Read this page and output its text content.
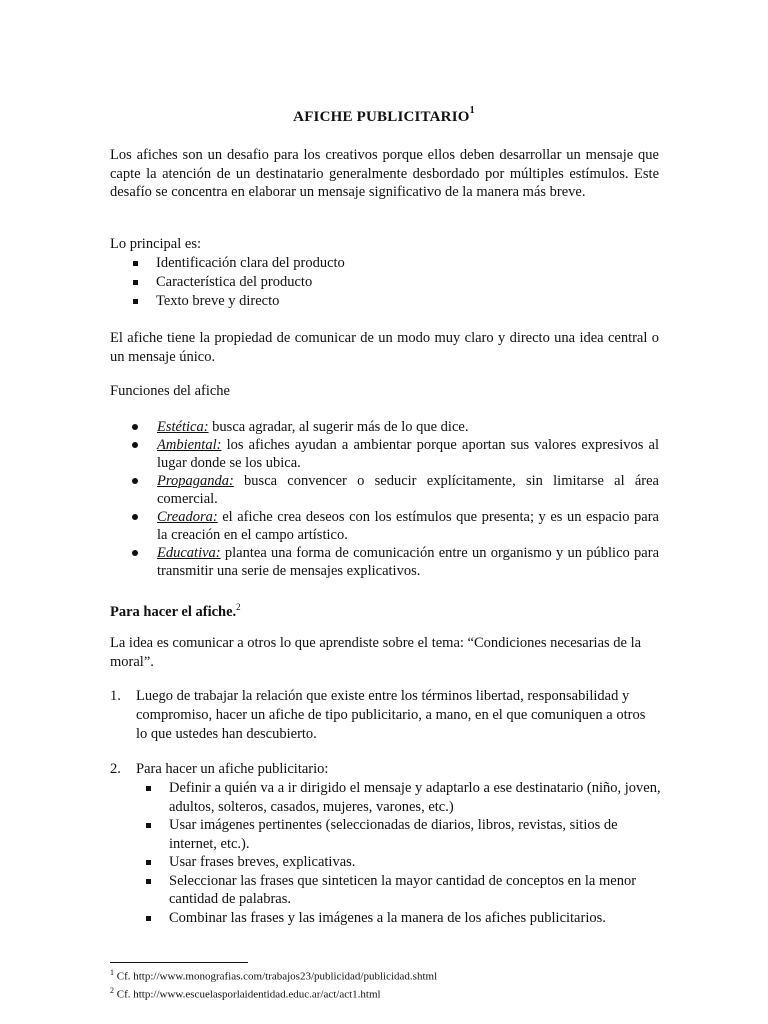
AFICHE PUBLICITARIO$^1$
Los afiches son un desafio para los creativos porque ellos deben desarrollar un mensaje que capte la atención de un destinatario generalmente desbordado por múltiples estímulos. Este desafío se concentra en elaborar un mensaje significativo de la manera más breve.
Lo principal es:
Identificación clara del producto
Característica del producto
Texto breve y directo
El afiche tiene la propiedad de comunicar de un modo muy claro y directo una idea central o un mensaje único.
Funciones del afiche
Estética: busca agradar, al sugerir más de lo que dice.
Ambiental: los afiches ayudan a ambientar porque aportan sus valores expresivos al lugar donde se los ubica.
Propaganda: busca convencer o seducir explícitamente, sin limitarse al área comercial.
Creadora: el afiche crea deseos con los estímulos que presenta; y es un espacio para la creación en el campo artístico.
Educativa: plantea una forma de comunicación entre un organismo y un público para transmitir una serie de mensajes explicativos.
Para hacer el afiche.$^2$
La idea es comunicar a otros lo que aprendiste sobre el tema: “Condiciones necesarias de la moral”.
1. Luego de trabajar la relación que existe entre los términos libertad, responsabilidad y compromiso, hacer un afiche de tipo publicitario, a mano, en el que comuniquen a otros lo que ustedes han descubierto.
2. Para hacer un afiche publicitario:
Definir a quién va a ir dirigido el mensaje y adaptarlo a ese destinatario (niño, joven, adultos, solteros, casados, mujeres, varones, etc.)
Usar imágenes pertinentes (seleccionadas de diarios, libros, revistas, sitios de internet, etc.).
Usar frases breves, explicativas.
Seleccionar las frases que sinteticen la mayor cantidad de conceptos en la menor cantidad de palabras.
Combinar las frases y las imágenes a la manera de los afiches publicitarios.
$^1$ Cf. http://www.monografias.com/trabajos23/publicidad/publicidad.shtml
$^2$ Cf. http://www.escuelasporlaidentidad.educ.ar/act/act1.html
